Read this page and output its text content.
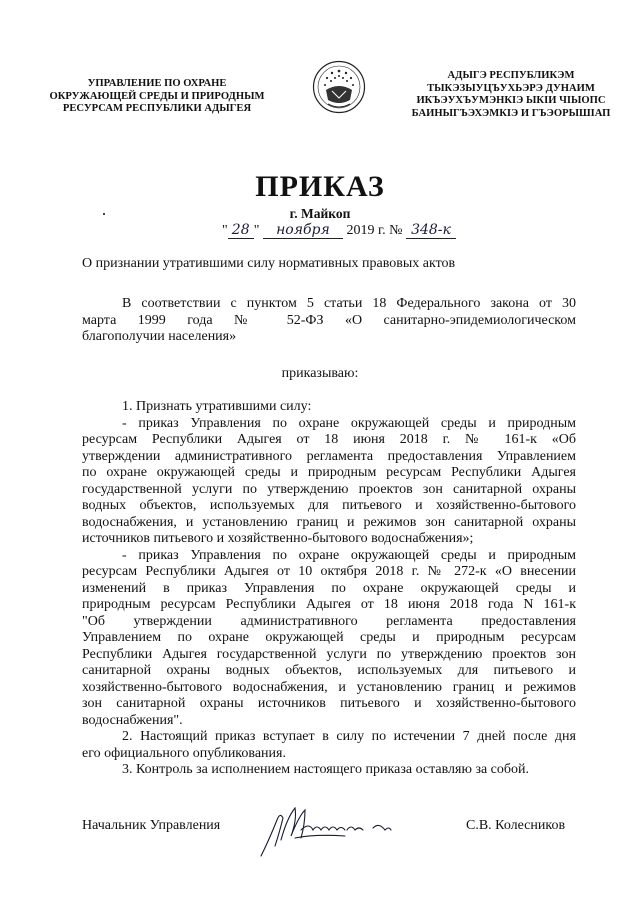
УПРАВЛЕНИЕ ПО ОХРАНЕ
ОКРУЖАЮЩЕЙ СРЕДЫ И ПРИРОДНЫМ
РЕСУРСАМ РЕСПУБЛИКИ АДЫГЕЯ
АДЫГЭ РЕСПУБЛИКЭМ
ТЫКЭЗЫУЦЪУХЬЭРЭ ДУНАИМ
ИКЪЭУХЪУМЭНКIЭ ЫКIИ ЧIЫОПС
БАИНЫГЪЭХЭМКIЭ И ГЪЭОРЫШIАП
ПРИКАЗ
г. Майкоп
" 28 " ноября 2019 г. № 348-к
О признании утратившими силу нормативных правовых актов

В соответствии с пунктом 5 статьи 18 Федерального закона от 30

марта 1999 года № 52-ФЗ «О санитарно-эпидемиологическом

благополучии населения»

приказываю:

1. Признать утратившими силу:

- приказ Управления по охране окружающей среды и природным

ресурсам Республики Адыгея от 18 июня 2018 г. № 161-к «Об

утверждении административного регламента предоставления Управлением

по охране окружающей среды и природным ресурсам Республики Адыгея

государственной услуги по утверждению проектов зон санитарной охраны

водных объектов, используемых для питьевого и хозяйственно-бытового

водоснабжения, и установлению границ и режимов зон санитарной охраны

источников питьевого и хозяйственно-бытового водоснабжения»;

- приказ Управления по охране окружающей среды и природным

ресурсам Республики Адыгея от 10 октября 2018 г. № 272-к «О внесении

изменений в приказ Управления по охране окружающей среды и

природным ресурсам Республики Адыгея от 18 июня 2018 года N 161-к

"Об утверждении административного регламента предоставления

Управлением по охране окружающей среды и природным ресурсам

Республики Адыгея государственной услуги по утверждению проектов зон

санитарной охраны водных объектов, используемых для питьевого и

хозяйственно-бытового водоснабжения, и установлению границ и режимов

зон санитарной охраны источников питьевого и хозяйственно-бытового

водоснабжения".

2. Настоящий приказ вступает в силу по истечении 7 дней после дня

его официального опубликования.

3. Контроль за исполнением настоящего приказа оставляю за собой.

Начальник Управления	С.В. Колесников
